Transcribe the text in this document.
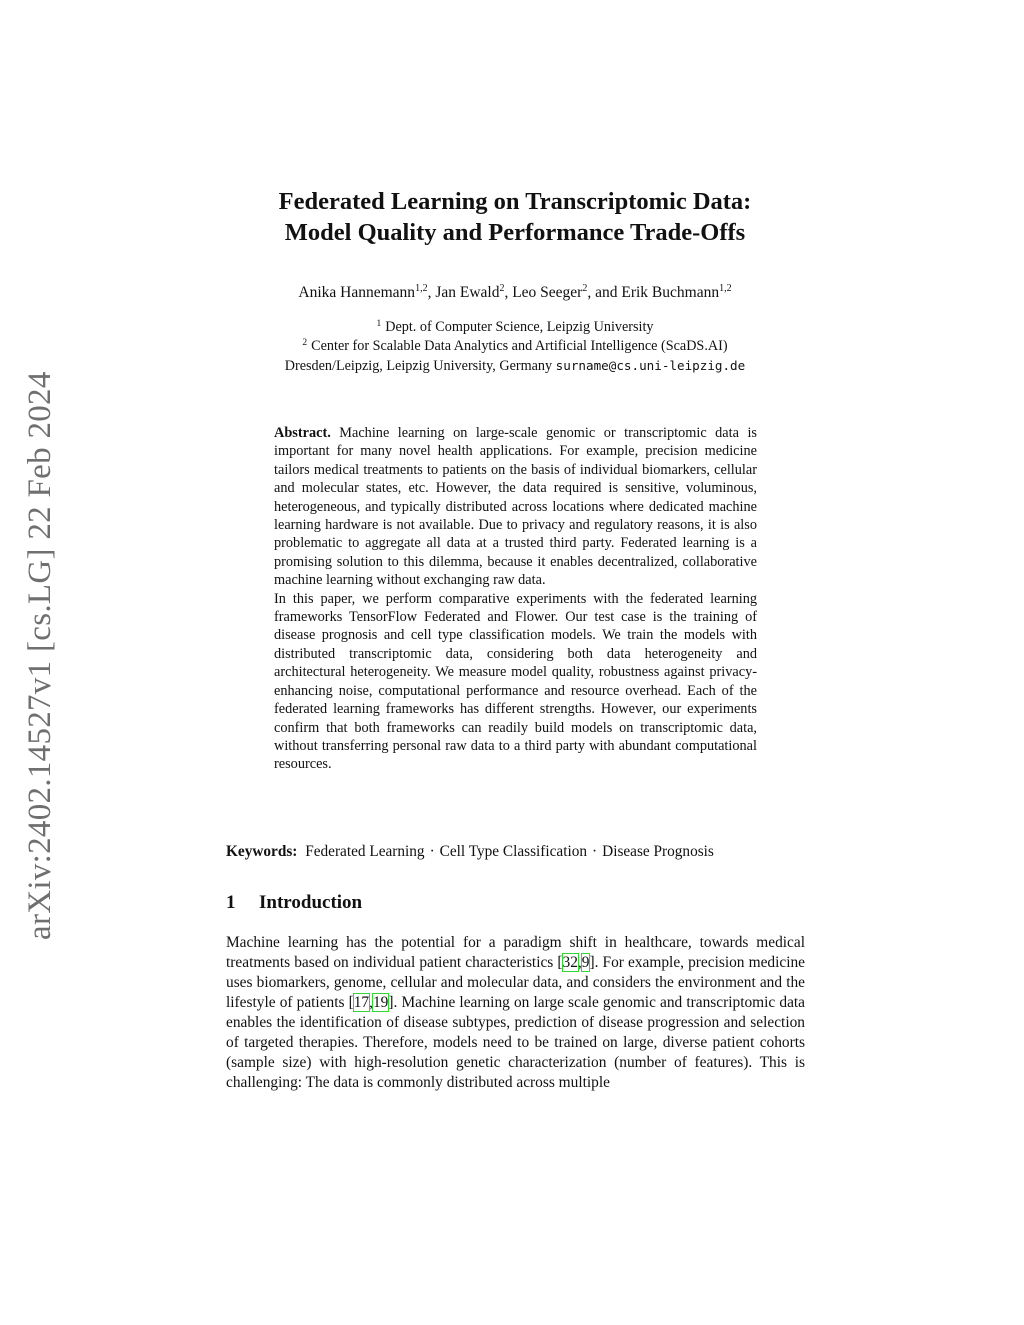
arXiv:2402.14527v1 [cs.LG] 22 Feb 2024
Federated Learning on Transcriptomic Data:
Model Quality and Performance Trade-Offs
Anika Hannemann$^{1,2}$, Jan Ewald$^2$, Leo Seeger$^2$, and Erik Buchmann$^{1,2}$
$^1$ Dept. of Computer Science, Leipzig University
$^2$ Center for Scalable Data Analytics and Artificial Intelligence (ScaDS.AI)
Dresden/Leipzig, Leipzig University, Germany surname@cs.uni-leipzig.de

Abstract. Machine learning on large-scale genomic or transcriptomic data is important for many novel health applications. For example, precision medicine tailors medical treatments to patients on the basis of individual biomarkers, cellular and molecular states, etc. However, the data required is sensitive, voluminous, heterogeneous, and typically distributed across locations where dedicated machine learning hardware is not available. Due to privacy and regulatory reasons, it is also problematic to aggregate all data at a trusted third party. Federated learning is a promising solution to this dilemma, because it enables decentralized, collaborative machine learning without exchanging raw data.

In this paper, we perform comparative experiments with the federated learning frameworks TensorFlow Federated and Flower. Our test case is the training of disease prognosis and cell type classification models. We train the models with distributed transcriptomic data, considering both data heterogeneity and architectural heterogeneity. We measure model quality, robustness against privacy-enhancing noise, computational performance and resource overhead. Each of the federated learning frameworks has different strengths. However, our experiments confirm that both frameworks can readily build models on transcriptomic data, without transferring personal raw data to a third party with abundant computational resources.

Keywords: Federated Learning · Cell Type Classification · Disease Prognosis
1 Introduction

Machine learning has the potential for a paradigm shift in healthcare, towards medical treatments based on individual patient characteristics [32,9]. For example, precision medicine uses biomarkers, genome, cellular and molecular data, and considers the environment and the lifestyle of patients [17,19]. Machine learning on large scale genomic and transcriptomic data enables the identification of disease subtypes, prediction of disease progression and selection of targeted therapies. Therefore, models need to be trained on large, diverse patient cohorts (sample size) with high-resolution genetic characterization (number of features). This is challenging: The data is commonly distributed across multiple
